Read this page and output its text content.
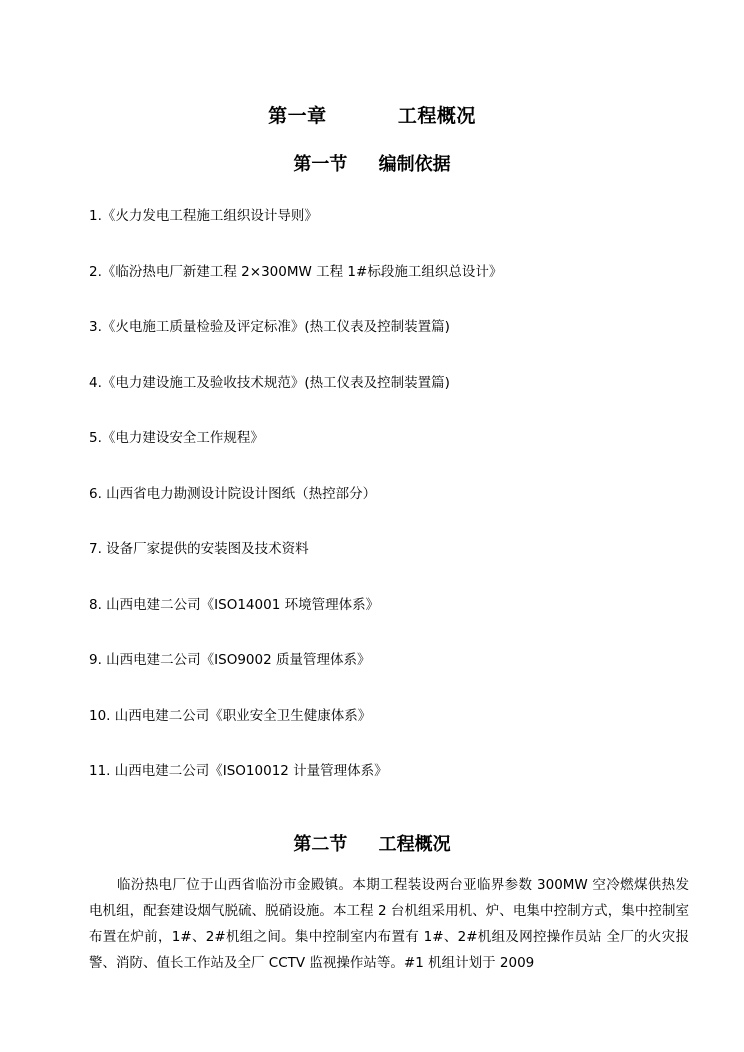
第一章          工程概况
第一节     编制依据
1.《火力发电工程施工组织设计导则》
2.《临汾热电厂新建工程 2×300MW 工程 1#标段施工组织总设计》
3.《火电施工质量检验及评定标准》(热工仪表及控制装置篇)
4.《电力建设施工及验收技术规范》(热工仪表及控制装置篇)
5.《电力建设安全工作规程》
6. 山西省电力勘测设计院设计图纸（热控部分）
7. 设备厂家提供的安装图及技术资料
8. 山西电建二公司《ISO14001 环境管理体系》
9. 山西电建二公司《ISO9002 质量管理体系》
10. 山西电建二公司《职业安全卫生健康体系》
11. 山西电建二公司《ISO10012 计量管理体系》
第二节     工程概况

临汾热电厂位于山西省临汾市金殿镇。本期工程装设两台亚临界参数 300MW 空冷燃煤供热发电机组，配套建设烟气脱硫、脱硝设施。本工程 2 台机组采用机、炉、电集中控制方式，集中控制室布置在炉前，1#、2#机组之间。集中控制室内布置有 1#、2#机组及网控操作员站 全厂的火灾报警、消防、值长工作站及全厂 CCTV 监视操作站等。#1 机组计划于 2009
